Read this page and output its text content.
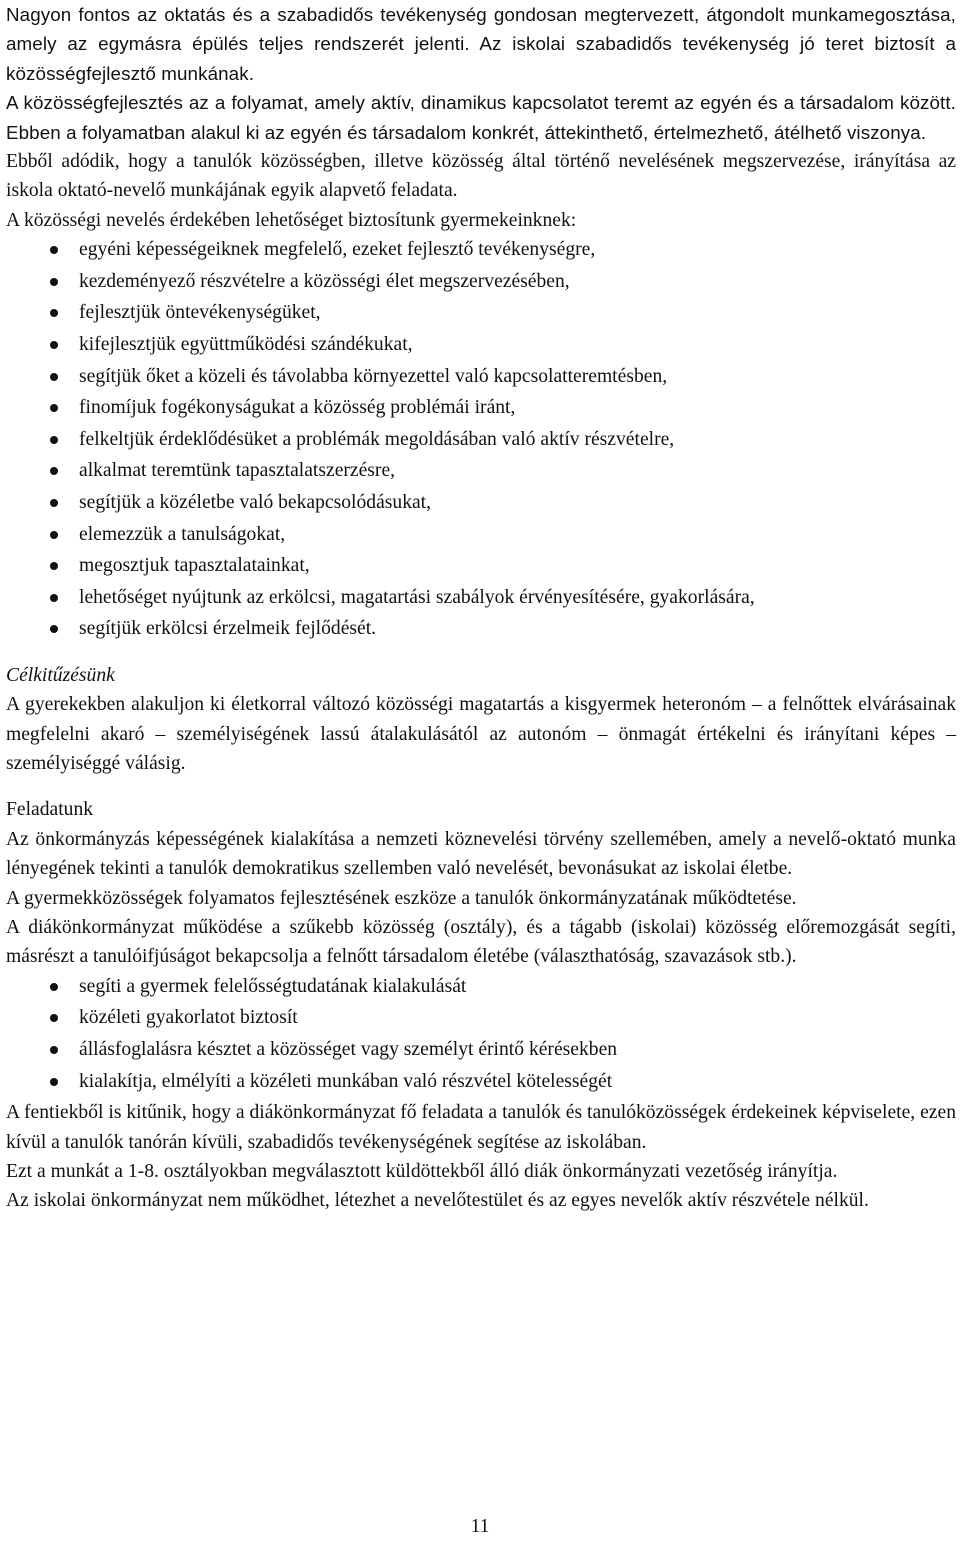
Nagyon fontos az oktatás és a szabadidős tevékenység gondosan megtervezett, átgondolt munkamegosztása, amely az egymásra épülés teljes rendszerét jelenti. Az iskolai szabadidős tevékenység jó teret biztosít a közösségfejlesztő munkának.

A közösségfejlesztés az a folyamat, amely aktív, dinamikus kapcsolatot teremt az egyén és a társadalom között. Ebben a folyamatban alakul ki az egyén és társadalom konkrét, áttekinthető, értelmezhető, átélhető viszonya.

Ebből adódik, hogy a tanulók közösségben, illetve közösség által történő nevelésének megszervezése, irányítása az iskola oktató-nevelő munkájának egyik alapvető feladata.

A közösségi nevelés érdekében lehetőséget biztosítunk gyermekeinknek:

egyéni képességeiknek megfelelő, ezeket fejlesztő tevékenységre,
kezdeményező részvételre a közösségi élet megszervezésében,
fejlesztjük öntevékenységüket,
kifejlesztjük együttműködési szándékukat,
segítjük őket a közeli és távolabba környezettel való kapcsolatteremtésben,
finomíjuk fogékonyságukat a közösség problémái iránt,
felkeltjük érdeklődésüket a problémák megoldásában való aktív részvételre,
alkalmat teremtünk tapasztalatszerzésre,
segítjük a közéletbe való bekapcsolódásukat,
elemezzük a tanulságokat,
megosztjuk tapasztalatainkat,
lehetőséget nyújtunk az erkölcsi, magatartási szabályok érvényesítésére, gyakorlására,
segítjük erkölcsi érzelmeik fejlődését.

Célkitűzésünk

A gyerekekben alakuljon ki életkorral változó közösségi magatartás a kisgyermek heteronóm – a felnőttek elvárásainak megfelelni akaró – személyiségének lassú átalakulásától az autonóm – önmagát értékelni és irányítani képes – személyiséggé válásig.

Feladatunk

Az önkormányzás képességének kialakítása a nemzeti köznevelési törvény szellemében, amely a nevelő-oktató munka lényegének tekinti a tanulók demokratikus szellemben való nevelését, bevonásukat az iskolai életbe.

A gyermekközösségek folyamatos fejlesztésének eszköze a tanulók önkormányzatának működtetése.

A diákönkormányzat működése a szűkebb közösség (osztály), és a tágabb (iskolai) közösség előremozgását segíti, másrészt a tanulóifjúságot bekapcsolja a felnőtt társadalom életébe (választhatóság, szavazások stb.).

segíti a gyermek felelősségtudatának kialakulását
közéleti gyakorlatot biztosít
állásfoglalásra késztet a közösséget vagy személyt érintő kérésekben
kialakítja, elmélyíti a közéleti munkában való részvétel kötelességét

A fentiekből is kitűnik, hogy a diákönkormányzat fő feladata a tanulók és tanulóközösségek érdekeinek képviselete, ezen kívül a tanulók tanórán kívüli, szabadidős tevékenységének segítése az iskolában.

Ezt a munkát a 1-8. osztályokban megválasztott küldöttekből álló diák önkormányzati vezetőség irányítja.

Az iskolai önkormányzat nem működhet, létezhet a nevelőtestület és az egyes nevelők aktív részvétele nélkül.

11
